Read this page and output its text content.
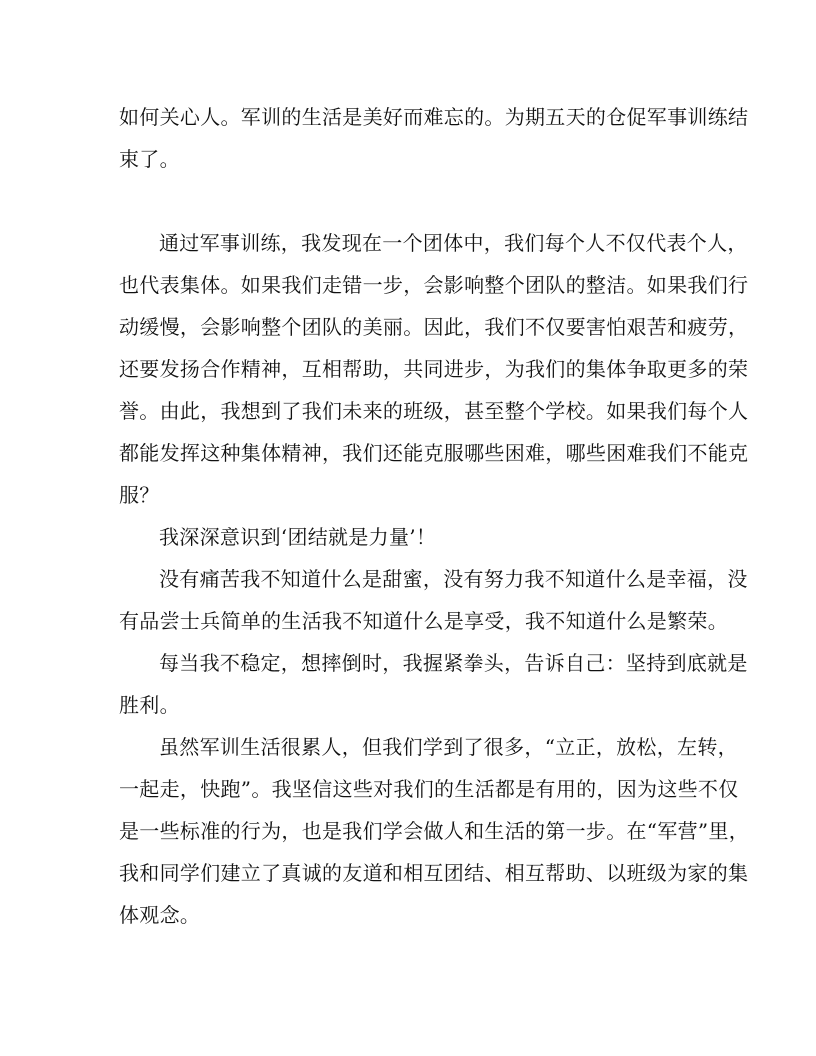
如何关心人。军训的生活是美好而难忘的。为期五天的仓促军事训练结
束了。
通过军事训练，我发现在一个团体中，我们每个人不仅代表个人，
也代表集体。如果我们走错一步，会影响整个团队的整洁。如果我们行
动缓慢，会影响整个团队的美丽。因此，我们不仅要害怕艰苦和疲劳，
还要发扬合作精神，互相帮助，共同进步，为我们的集体争取更多的荣
誉。由此，我想到了我们未来的班级，甚至整个学校。如果我们每个人
都能发挥这种集体精神，我们还能克服哪些困难，哪些困难我们不能克
服？
我深深意识到‘团结就是力量’！
没有痛苦我不知道什么是甜蜜，没有努力我不知道什么是幸福，没
有品尝士兵简单的生活我不知道什么是享受，我不知道什么是繁荣。
每当我不稳定，想摔倒时，我握紧拳头，告诉自己：坚持到底就是
胜利。
虽然军训生活很累人，但我们学到了很多，“立正，放松，左转，
一起走，快跑”。我坚信这些对我们的生活都是有用的，因为这些不仅
是一些标准的行为，也是我们学会做人和生活的第一步。在“军营”里，
我和同学们建立了真诚的友道和相互团结、相互帮助、以班级为家的集
体观念。
